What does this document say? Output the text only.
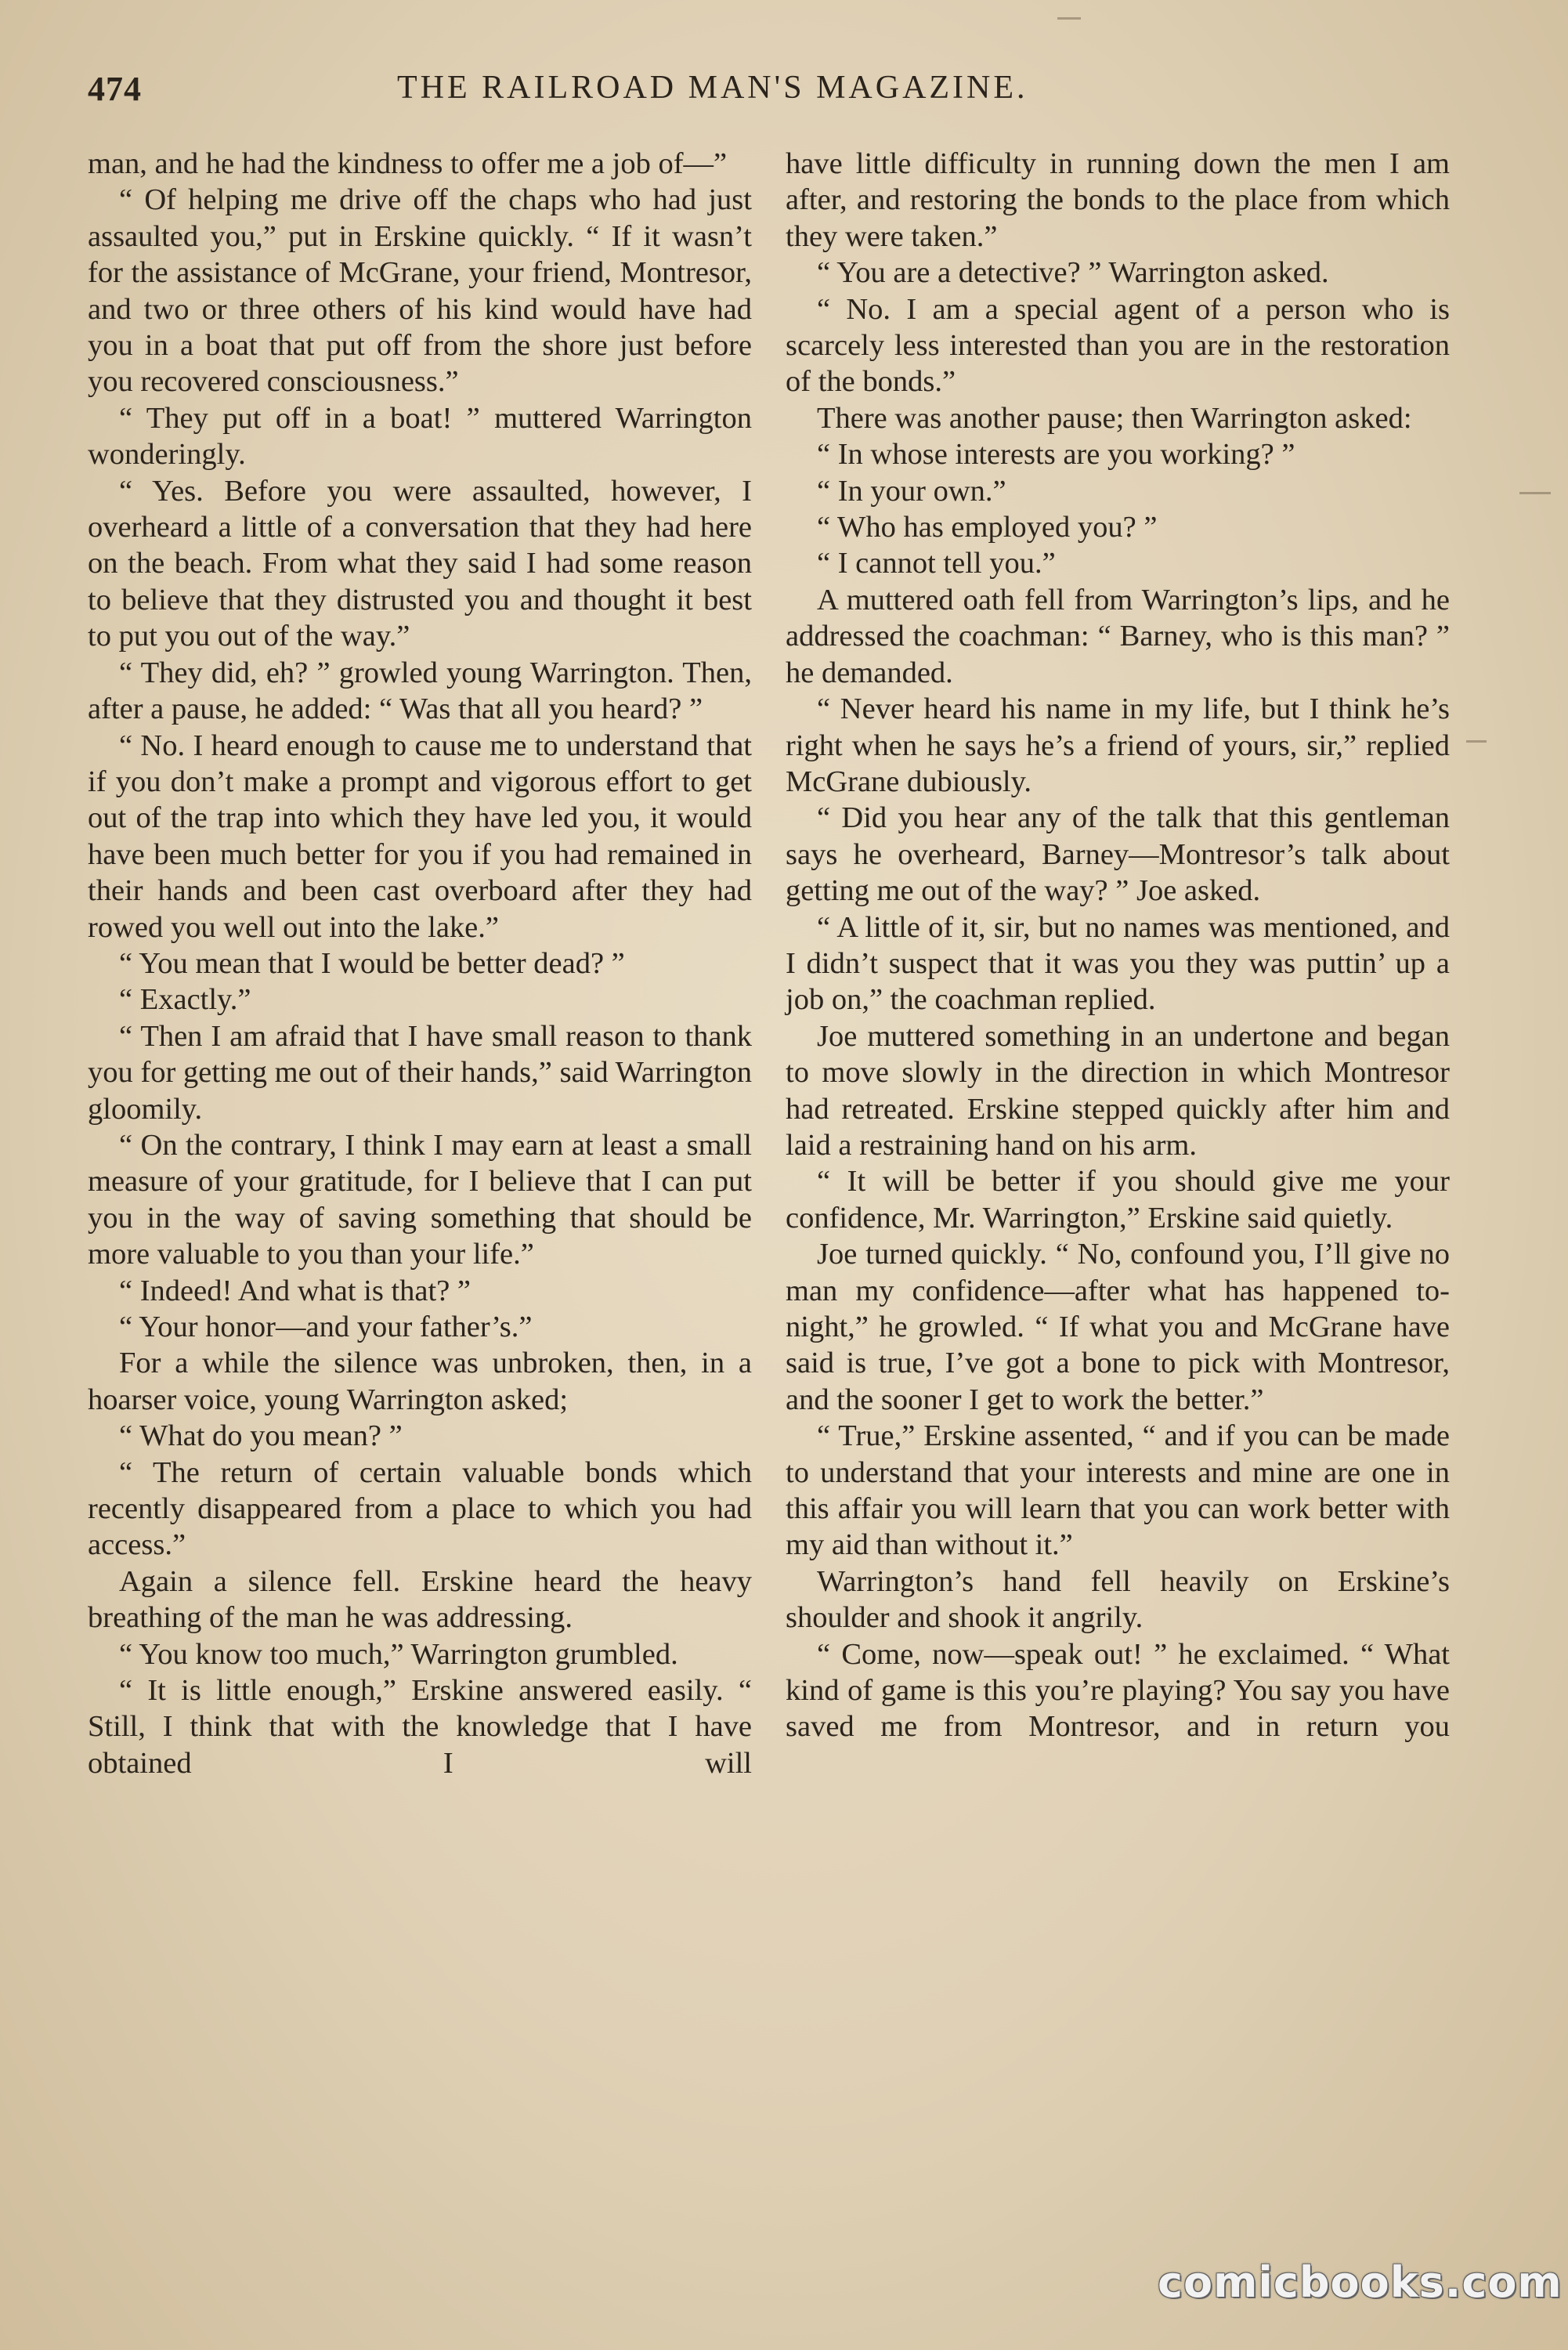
474	THE RAILROAD MAN'S MAGAZINE.

man, and he had the kindness to offer me a job of—”

“ Of helping me drive off the chaps who had just assaulted you,” put in Erskine quickly. “ If it wasn’t for the assistance of McGrane, your friend, Montresor, and two or three others of his kind would have had you in a boat that put off from the shore just before you recovered consciousness.”

“ They put off in a boat! ” muttered Warrington wonderingly.

“ Yes. Before you were assaulted, however, I overheard a little of a conversation that they had here on the beach. From what they said I had some reason to believe that they distrusted you and thought it best to put you out of the way.”

“ They did, eh? ” growled young Warrington. Then, after a pause, he added: “ Was that all you heard? ”

“ No. I heard enough to cause me to understand that if you don’t make a prompt and vigorous effort to get out of the trap into which they have led you, it would have been much better for you if you had remained in their hands and been cast overboard after they had rowed you well out into the lake.”

“ You mean that I would be better dead? ”

“ Exactly.”

“ Then I am afraid that I have small reason to thank you for getting me out of their hands,” said Warrington gloomily.

“ On the contrary, I think I may earn at least a small measure of your gratitude, for I believe that I can put you in the way of saving something that should be more valuable to you than your life.”

“ Indeed! And what is that? ”

“ Your honor—and your father’s.”

For a while the silence was unbroken, then, in a hoarser voice, young Warrington asked;

“ What do you mean? ”

“ The return of certain valuable bonds which recently disappeared from a place to which you had access.”

Again a silence fell. Erskine heard the heavy breathing of the man he was addressing.

“ You know too much,” Warrington grumbled.

“ It is little enough,” Erskine answered easily. “ Still, I think that with the knowledge that I have obtained I will

have little difficulty in running down the men I am after, and restoring the bonds to the place from which they were taken.”

“ You are a detective? ” Warrington asked.

“ No. I am a special agent of a person who is scarcely less interested than you are in the restoration of the bonds.”

There was another pause; then Warrington asked:

“ In whose interests are you working? ”

“ In your own.”

“ Who has employed you? ”

“ I cannot tell you.”

A muttered oath fell from Warrington’s lips, and he addressed the coachman: “ Barney, who is this man? ” he demanded.

“ Never heard his name in my life, but I think he’s right when he says he’s a friend of yours, sir,” replied McGrane dubiously.

“ Did you hear any of the talk that this gentleman says he overheard, Barney—Montresor’s talk about getting me out of the way? ” Joe asked.

“ A little of it, sir, but no names was mentioned, and I didn’t suspect that it was you they was puttin’ up a job on,” the coachman replied.

Joe muttered something in an undertone and began to move slowly in the direction in which Montresor had retreated. Erskine stepped quickly after him and laid a restraining hand on his arm.

“ It will be better if you should give me your confidence, Mr. Warrington,” Erskine said quietly.

Joe turned quickly. “ No, confound you, I’ll give no man my confidence—after what has happened to-night,” he growled. “ If what you and McGrane have said is true, I’ve got a bone to pick with Montresor, and the sooner I get to work the better.”

“ True,” Erskine assented, “ and if you can be made to understand that your interests and mine are one in this affair you will learn that you can work better with my aid than without it.”

Warrington’s hand fell heavily on Erskine’s shoulder and shook it angrily.

“ Come, now—speak out! ” he exclaimed. “ What kind of game is this you’re playing? You say you have saved me from Montresor, and in return you

comicbooks.com
